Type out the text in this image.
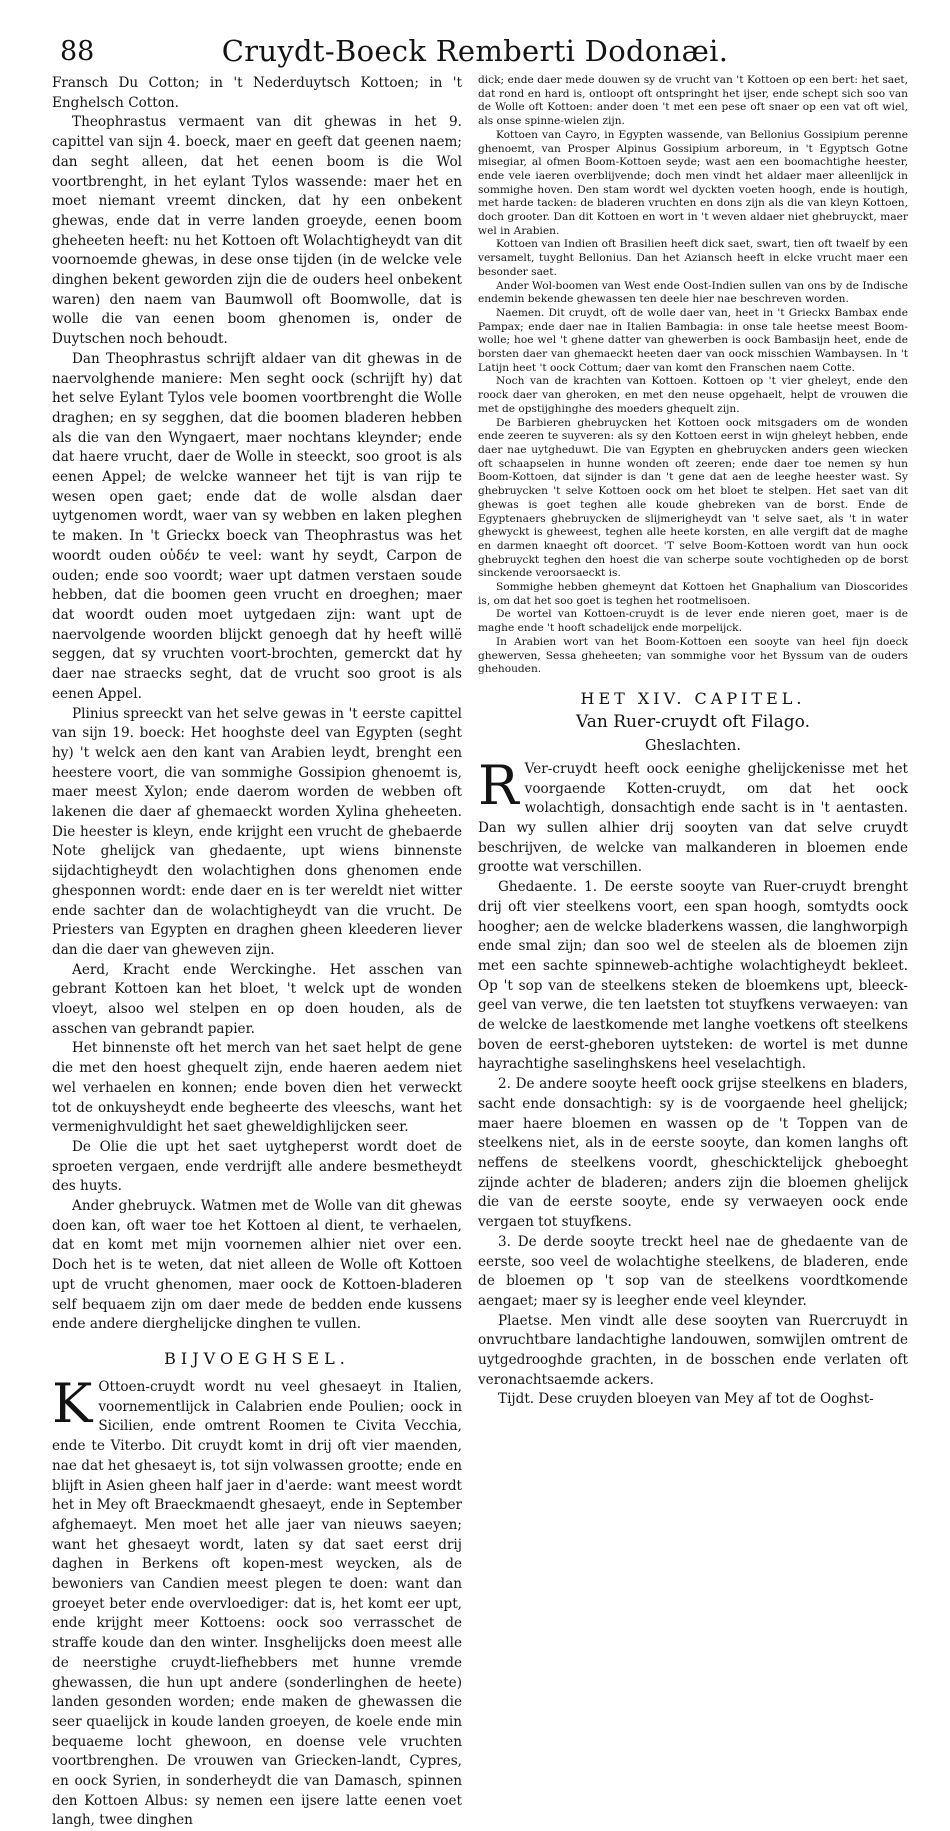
88	Cruydt-Boeck Remberti Dodonæi.

Fransch Du Cotton; in 't Nederduytsch Kottoen; in 't Enghelsch Cotton.

Theophrastus vermaent van dit ghewas in het 9. capittel van sijn 4. boeck, maer en geeft dat geenen naem; dan seght alleen, dat het eenen boom is die Wol voortbrenght, in het eylant Tylos wassende: maer het en moet niemant vreemt dincken, dat hy een onbekent ghewas, ende dat in verre landen groeyde, eenen boom gheheeten heeft: nu het Kottoen oft Wolachtigheydt van dit voornoemde ghewas, in dese onse tijden (in de welcke vele dinghen bekent geworden zijn die de ouders heel onbekent waren) den naem van Baumwoll oft Boomwolle, dat is wolle die van eenen boom ghenomen is, onder de Duytschen noch behoudt.

Dan Theophrastus schrijft aldaer van dit ghewas in de naervolghende maniere: Men seght oock (schrijft hy) dat het selve Eylant Tylos vele boomen voortbrenght die Wolle draghen; en sy segghen, dat die boomen bladeren hebben als die van den Wyngaert, maer nochtans kleynder; ende dat haere vrucht, daer de Wolle in steeckt, soo groot is als eenen Appel; de welcke wanneer het tijt is van rijp te wesen open gaet; ende dat de wolle alsdan daer uytgenomen wordt, waer van sy webben en laken pleghen te maken. In 't Grieckx boeck van Theophrastus was het woordt ouden οὐδέν te veel: want hy seydt, Carpon de ouden; ende soo voordt; waer upt datmen verstaen soude hebben, dat die boomen geen vrucht en droeghen; maer dat woordt ouden moet uytgedaen zijn: want upt de naervolgende woorden blijckt genoegh dat hy heeft willë seggen, dat sy vruchten voort-brochten, gemerckt dat hy daer nae straecks seght, dat de vrucht soo groot is als eenen Appel.

Plinius spreeckt van het selve gewas in 't eerste capittel van sijn 19. boeck: Het hooghste deel van Egypten (seght hy) 't welck aen den kant van Arabien leydt, brenght een heestere voort, die van sommighe Gossipion ghenoemt is, maer meest Xylon; ende daerom worden de webben oft lakenen die daer af ghemaeckt worden Xylina gheheeten. Die heester is kleyn, ende krijght een vrucht de ghebaerde Note ghelijck van ghedaente, upt wiens binnenste sijdachtigheydt den wolachtighen dons ghenomen ende ghesponnen wordt: ende daer en is ter wereldt niet witter ende sachter dan de wolachtigheydt van die vrucht. De Priesters van Egypten en draghen gheen kleederen liever dan die daer van gheweven zijn.

Aerd, Kracht ende Werckinghe. Het asschen van gebrant Kottoen kan het bloet, 't welck upt de wonden vloeyt, alsoo wel stelpen en op doen houden, als de asschen van gebrandt papier.

Het binnenste oft het merch van het saet helpt de gene die met den hoest ghequelt zijn, ende haeren aedem niet wel verhaelen en konnen; ende boven dien het verweckt tot de onkuysheydt ende begheerte des vleeschs, want het vermenighvuldight het saet gheweldighlijcken seer.

De Olie die upt het saet uytgheperst wordt doet de sproeten vergaen, ende verdrijft alle andere besmetheydt des huyts.

Ander ghebruyck. Watmen met de Wolle van dit ghewas doen kan, oft waer toe het Kottoen al dient, te verhaelen, dat en komt met mijn voornemen alhier niet over een. Doch het is te weten, dat niet alleen de Wolle oft Kottoen upt de vrucht ghenomen, maer oock de Kottoen-bladeren self bequaem zijn om daer mede de bedden ende kussens ende andere dierghelijcke dinghen te vullen.

BIJVOEGHSEL.

K Ottoen-cruydt wordt nu veel ghesaeyt in Italien, voornementlijck in Calabrien ende Poulien; oock in Sicilien, ende omtrent Roomen te Civita Vecchia, ende te Viterbo. Dit cruydt komt in drij oft vier maenden, nae dat het ghesaeyt is, tot sijn volwassen grootte; ende en blijft in Asien gheen half jaer in d'aerde: want meest wordt het in Mey oft Braeckmaendt ghesaeyt, ende in September afghemaeyt. Men moet het alle jaer van nieuws saeyen; want het ghesaeyt wordt, laten sy dat saet eerst drij daghen in Berkens oft kopen-mest weycken, als de bewoniers van Candien meest plegen te doen: want dan groeyet beter ende overvloediger: dat is, het komt eer upt, ende krijght meer Kottoens: oock soo verrasschet de straffe koude dan den winter. Insghelijcks doen meest alle de neerstighe cruydt-liefhebbers met hunne vremde ghewassen, die hun upt andere (sonderlinghen de heete) landen gesonden worden; ende maken de ghewassen die seer quaelijck in koude landen groeyen, de koele ende min bequaeme locht ghewoon, en doense vele vruchten voortbrenghen. De vrouwen van Griecken-landt, Cypres, en oock Syrien, in sonderheydt die van Damasch, spinnen den Kottoen Albus: sy nemen een ijsere latte eenen voet langh, twee dinghen

dick; ende daer mede douwen sy de vrucht van 't Kottoen op een bert: het saet, dat rond en hard is, ontloopt oft ontspringht het ijser, ende schept sich soo van de Wolle oft Kottoen: ander doen 't met een pese oft snaer op een vat oft wiel, als onse spinne-wielen zijn.

Kottoen van Cayro, in Egypten wassende, van Bellonius Gossipium perenne ghenoemt, van Prosper Alpinus Gossipium arboreum, in 't Egyptsch Gotne misegiar, al ofmen Boom-Kottoen seyde; wast aen een boomachtighe heester, ende vele iaeren overblijvende; doch men vindt het aldaer maer alleenlijck in sommighe hoven. Den stam wordt wel dyckten voeten hoogh, ende is houtigh, met harde tacken: de bladeren vruchten en dons zijn als die van kleyn Kottoen, doch grooter. Dan dit Kottoen en wort in 't weven aldaer niet ghebruyckt, maer wel in Arabien.

Kottoen van Indien oft Brasilien heeft dick saet, swart, tien oft twaelf by een versamelt, tuyght Bellonius. Dan het Aziansch heeft in elcke vrucht maer een besonder saet.

Ander Wol-boomen van West ende Oost-Indien sullen van ons by de Indische endemin bekende ghewassen ten deele hier nae beschreven worden.

Naemen. Dit cruydt, oft de wolle daer van, heet in 't Grieckx Bambax ende Pampax; ende daer nae in Italien Bambagia: in onse tale heetse meest Boom-wolle; hoe wel 't ghene datter van ghewerben is oock Bambasijn heet, ende de borsten daer van ghemaeckt heeten daer van oock misschien Wambaysen. In 't Latijn heet 't oock Cottum; daer van komt den Franschen naem Cotte.

Noch van de krachten van Kottoen. Kottoen op 't vier gheleyt, ende den roock daer van gheroken, en met den neuse opgehaelt, helpt de vrouwen die met de opstijghinghe des moeders ghequelt zijn.

De Barbieren ghebruycken het Kottoen oock mitsgaders om de wonden ende zeeren te suyveren: als sy den Kottoen eerst in wijn gheleyt hebben, ende daer nae uytgheduwt. Die van Egypten en ghebruycken anders geen wiecken oft schaapselen in hunne wonden oft zeeren; ende daer toe nemen sy hun Boom-Kottoen, dat sijnder is dan 't gene dat aen de leeghe heester wast. Sy ghebruycken 't selve Kottoen oock om het bloet te stelpen. Het saet van dit ghewas is goet teghen alle koude ghebreken van de borst. Ende de Egyptenaers ghebruycken de slijmerigheydt van 't selve saet, als 't in water ghewyckt is gheweest, teghen alle heete korsten, en alle vergift dat de maghe en darmen knaeght oft doorcet. 'T selve Boom-Kottoen wordt van hun oock ghebruyckt teghen den hoest die van scherpe soute vochtigheden op de borst sinckende veroorsaeckt is.

Sommighe hebben ghemeynt dat Kottoen het Gnaphalium van Dioscorides is, om dat het soo goet is teghen het rootmelisoen.

De wortel van Kottoen-cruydt is de lever ende nieren goet, maer is de maghe ende 't hooft schadelijck ende morpelijck.

In Arabien wort van het Boom-Kottoen een sooyte van heel fijn doeck ghewerven, Sessa gheheeten; van sommighe voor het Byssum van de ouders ghehouden.

HET XIV. CAPITEL.
Van Ruer-cruydt oft Filago.
Gheslachten.

R Ver-cruydt heeft oock eenighe ghelijckenisse met het voorgaende Kotten-cruydt, om dat het oock wolachtigh, donsachtigh ende sacht is in 't aentasten. Dan wy sullen alhier drij sooyten van dat selve cruydt beschrijven, de welcke van malkanderen in bloemen ende grootte wat verschillen.

Ghedaente. 1. De eerste sooyte van Ruer-cruydt brenght drij oft vier steelkens voort, een span hoogh, somtydts oock hoogher; aen de welcke bladerkens wassen, die langhworpigh ende smal zijn; dan soo wel de steelen als de bloemen zijn met een sachte spinneweb-achtighe wolachtigheydt bekleet. Op 't sop van de steelkens steken de bloemkens upt, bleeck-geel van verwe, die ten laetsten tot stuyfkens verwaeyen: van de welcke de laestkomende met langhe voetkens oft steelkens boven de eerst-gheboren uytsteken: de wortel is met dunne hayrachtighe saselinghskens heel veselachtigh.

2. De andere sooyte heeft oock grijse steelkens en bladers, sacht ende donsachtigh: sy is de voorgaende heel ghelijck; maer haere bloemen en wassen op de 't Toppen van de steelkens niet, als in de eerste sooyte, dan komen langhs oft neffens de steelkens voordt, gheschicktelijck gheboeght zijnde achter de bladeren; anders zijn die bloemen ghelijck die van de eerste sooyte, ende sy verwaeyen oock ende vergaen tot stuyfkens.

3. De derde sooyte treckt heel nae de ghedaente van de eerste, soo veel de wolachtighe steelkens, de bladeren, ende de bloemen op 't sop van de steelkens voordtkomende aengaet; maer sy is leegher ende veel kleynder.

Plaetse. Men vindt alle dese sooyten van Ruercruydt in onvruchtbare landachtighe landouwen, somwijlen omtrent de uytgedrooghde grachten, in de bosschen ende verlaten oft veronachtsaemde ackers.

Tijdt. Dese cruyden bloeyen van Mey af tot de Ooghst-
